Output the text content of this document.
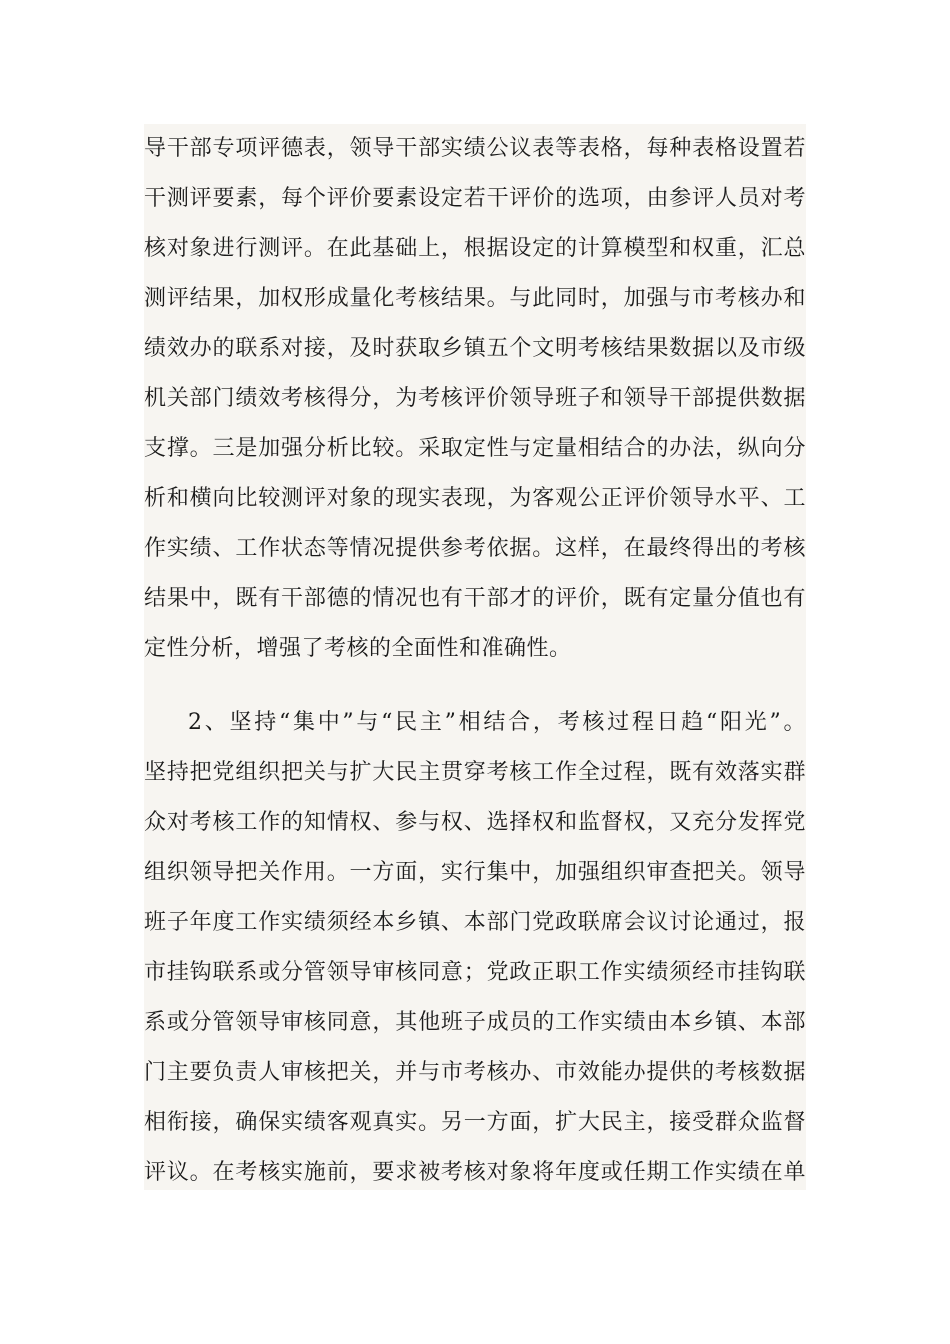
导干部专项评德表，领导干部实绩公议表等表格，每种表格设置若
干测评要素，每个评价要素设定若干评价的选项，由参评人员对考
核对象进行测评。在此基础上，根据设定的计算模型和权重，汇总
测评结果，加权形成量化考核结果。与此同时，加强与市考核办和
绩效办的联系对接，及时获取乡镇五个文明考核结果数据以及市级
机关部门绩效考核得分，为考核评价领导班子和领导干部提供数据
支撑。三是加强分析比较。采取定性与定量相结合的办法，纵向分
析和横向比较测评对象的现实表现，为客观公正评价领导水平、工
作实绩、工作状态等情况提供参考依据。这样，在最终得出的考核
结果中，既有干部德的情况也有干部才的评价，既有定量分值也有
定性分析，增强了考核的全面性和准确性。
2、坚持“集中”与“民主”相结合，考核过程日趋“阳光”。
坚持把党组织把关与扩大民主贯穿考核工作全过程，既有效落实群
众对考核工作的知情权、参与权、选择权和监督权，又充分发挥党
组织领导把关作用。一方面，实行集中，加强组织审查把关。领导
班子年度工作实绩须经本乡镇、本部门党政联席会议讨论通过，报
市挂钩联系或分管领导审核同意；党政正职工作实绩须经市挂钩联
系或分管领导审核同意，其他班子成员的工作实绩由本乡镇、本部
门主要负责人审核把关，并与市考核办、市效能办提供的考核数据
相衔接，确保实绩客观真实。另一方面，扩大民主，接受群众监督
评议。在考核实施前，要求被考核对象将年度或任期工作实绩在单
